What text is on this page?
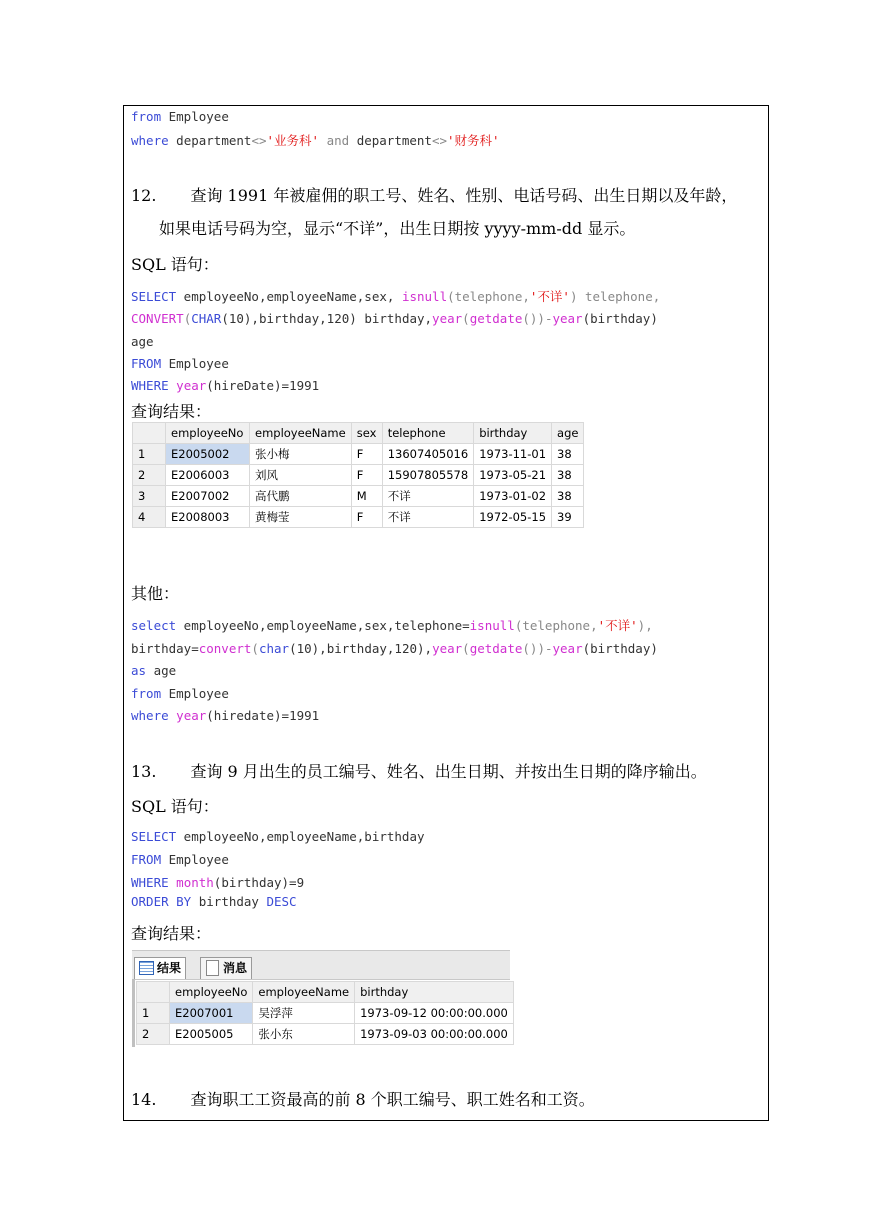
from Employee
where department<>'业务科' and department<>'财务科'
12. 查询 1991 年被雇佣的职工号、姓名、性别、电话号码、出生日期以及年龄，
如果电话号码为空，显示“不详”，出生日期按 yyyy-mm-dd 显示。
SQL 语句：
SELECT employeeNo,employeeName,sex, isnull(telephone,'不详') telephone,
CONVERT(CHAR(10),birthday,120) birthday,year(getdate())-year(birthday)
age
FROM Employee
WHERE year(hireDate)=1991
查询结果：
	employeeNo	employeeName	sex	telephone	birthday	age
1	E2005002	张小梅	F	13607405016	1973-11-01	38
2	E2006003	刘风	F	15907805578	1973-05-21	38
3	E2007002	高代鹏	M	不详	1973-01-02	38
4	E2008003	黄梅莹	F	不详	1972-05-15	39
其他：
select employeeNo,employeeName,sex,telephone=isnull(telephone,'不详'),
birthday=convert(char(10),birthday,120),year(getdate())-year(birthday)
as age
from Employee
where year(hiredate)=1991
13. 查询 9 月出生的员工编号、姓名、出生日期、并按出生日期的降序输出。
SQL 语句：
SELECT employeeNo,employeeName,birthday
FROM Employee
WHERE month(birthday)=9
ORDER BY birthday DESC
查询结果：
结果	消息
	employeeNo	employeeName	birthday
1	E2007001	吴浮萍	1973-09-12 00:00:00.000
2	E2005005	张小东	1973-09-03 00:00:00.000
14. 查询职工工资最高的前 8 个职工编号、职工姓名和工资。
